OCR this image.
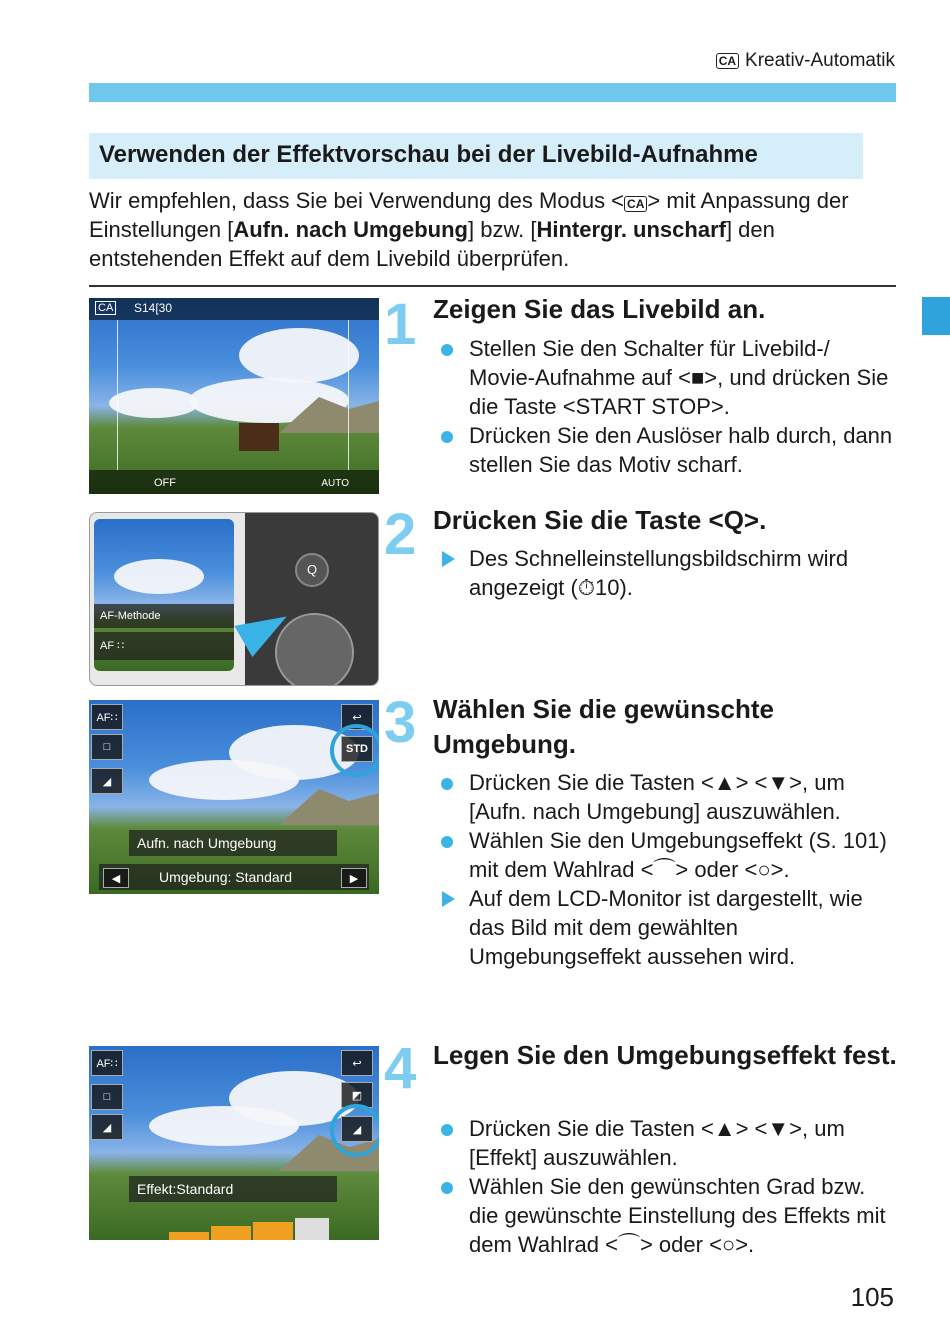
CA Kreativ-Automatik
Verwenden der Effektvorschau bei der Livebild-Aufnahme
Wir empfehlen, dass Sie bei Verwendung des Modus < CA > mit Anpassung der Einstellungen [Aufn. nach Umgebung] bzw. [Hintergr. unscharf] den entstehenden Effekt auf dem Livebild überprüfen.
CA S14[30
OFF	AUTO
AF-Methode
AF ∷
Q
AF∷
□
◢
↩
STD
Aufn. nach Umgebung
Umgebung: Standard
◀	▶
AF∷
□
◢
↩
◩
◢
Effekt:Standard
1
2
3
4
Zeigen Sie das Livebild an.
Stellen Sie den Schalter für Livebild-/ Movie-Aufnahme auf <■>, und drücken Sie die Taste <START STOP>.
Drücken Sie den Auslöser halb durch, dann stellen Sie das Motiv scharf.
Drücken Sie die Taste <Q>.
Des Schnelleinstellungsbildschirm wird angezeigt (⏱10).
Wählen Sie die gewünschte Umgebung.
Drücken Sie die Tasten <▲> <▼>, um [Aufn. nach Umgebung] auszuwählen.
Wählen Sie den Umgebungseffekt (S. 101) mit dem Wahlrad <⌒> oder <○>.
Auf dem LCD-Monitor ist dargestellt, wie das Bild mit dem gewählten Umgebungseffekt aussehen wird.
Legen Sie den Umgebungseffekt fest.
Drücken Sie die Tasten <▲> <▼>, um [Effekt] auszuwählen.
Wählen Sie den gewünschten Grad bzw. die gewünschte Einstellung des Effekts mit dem Wahlrad <⌒> oder <○>.
105
